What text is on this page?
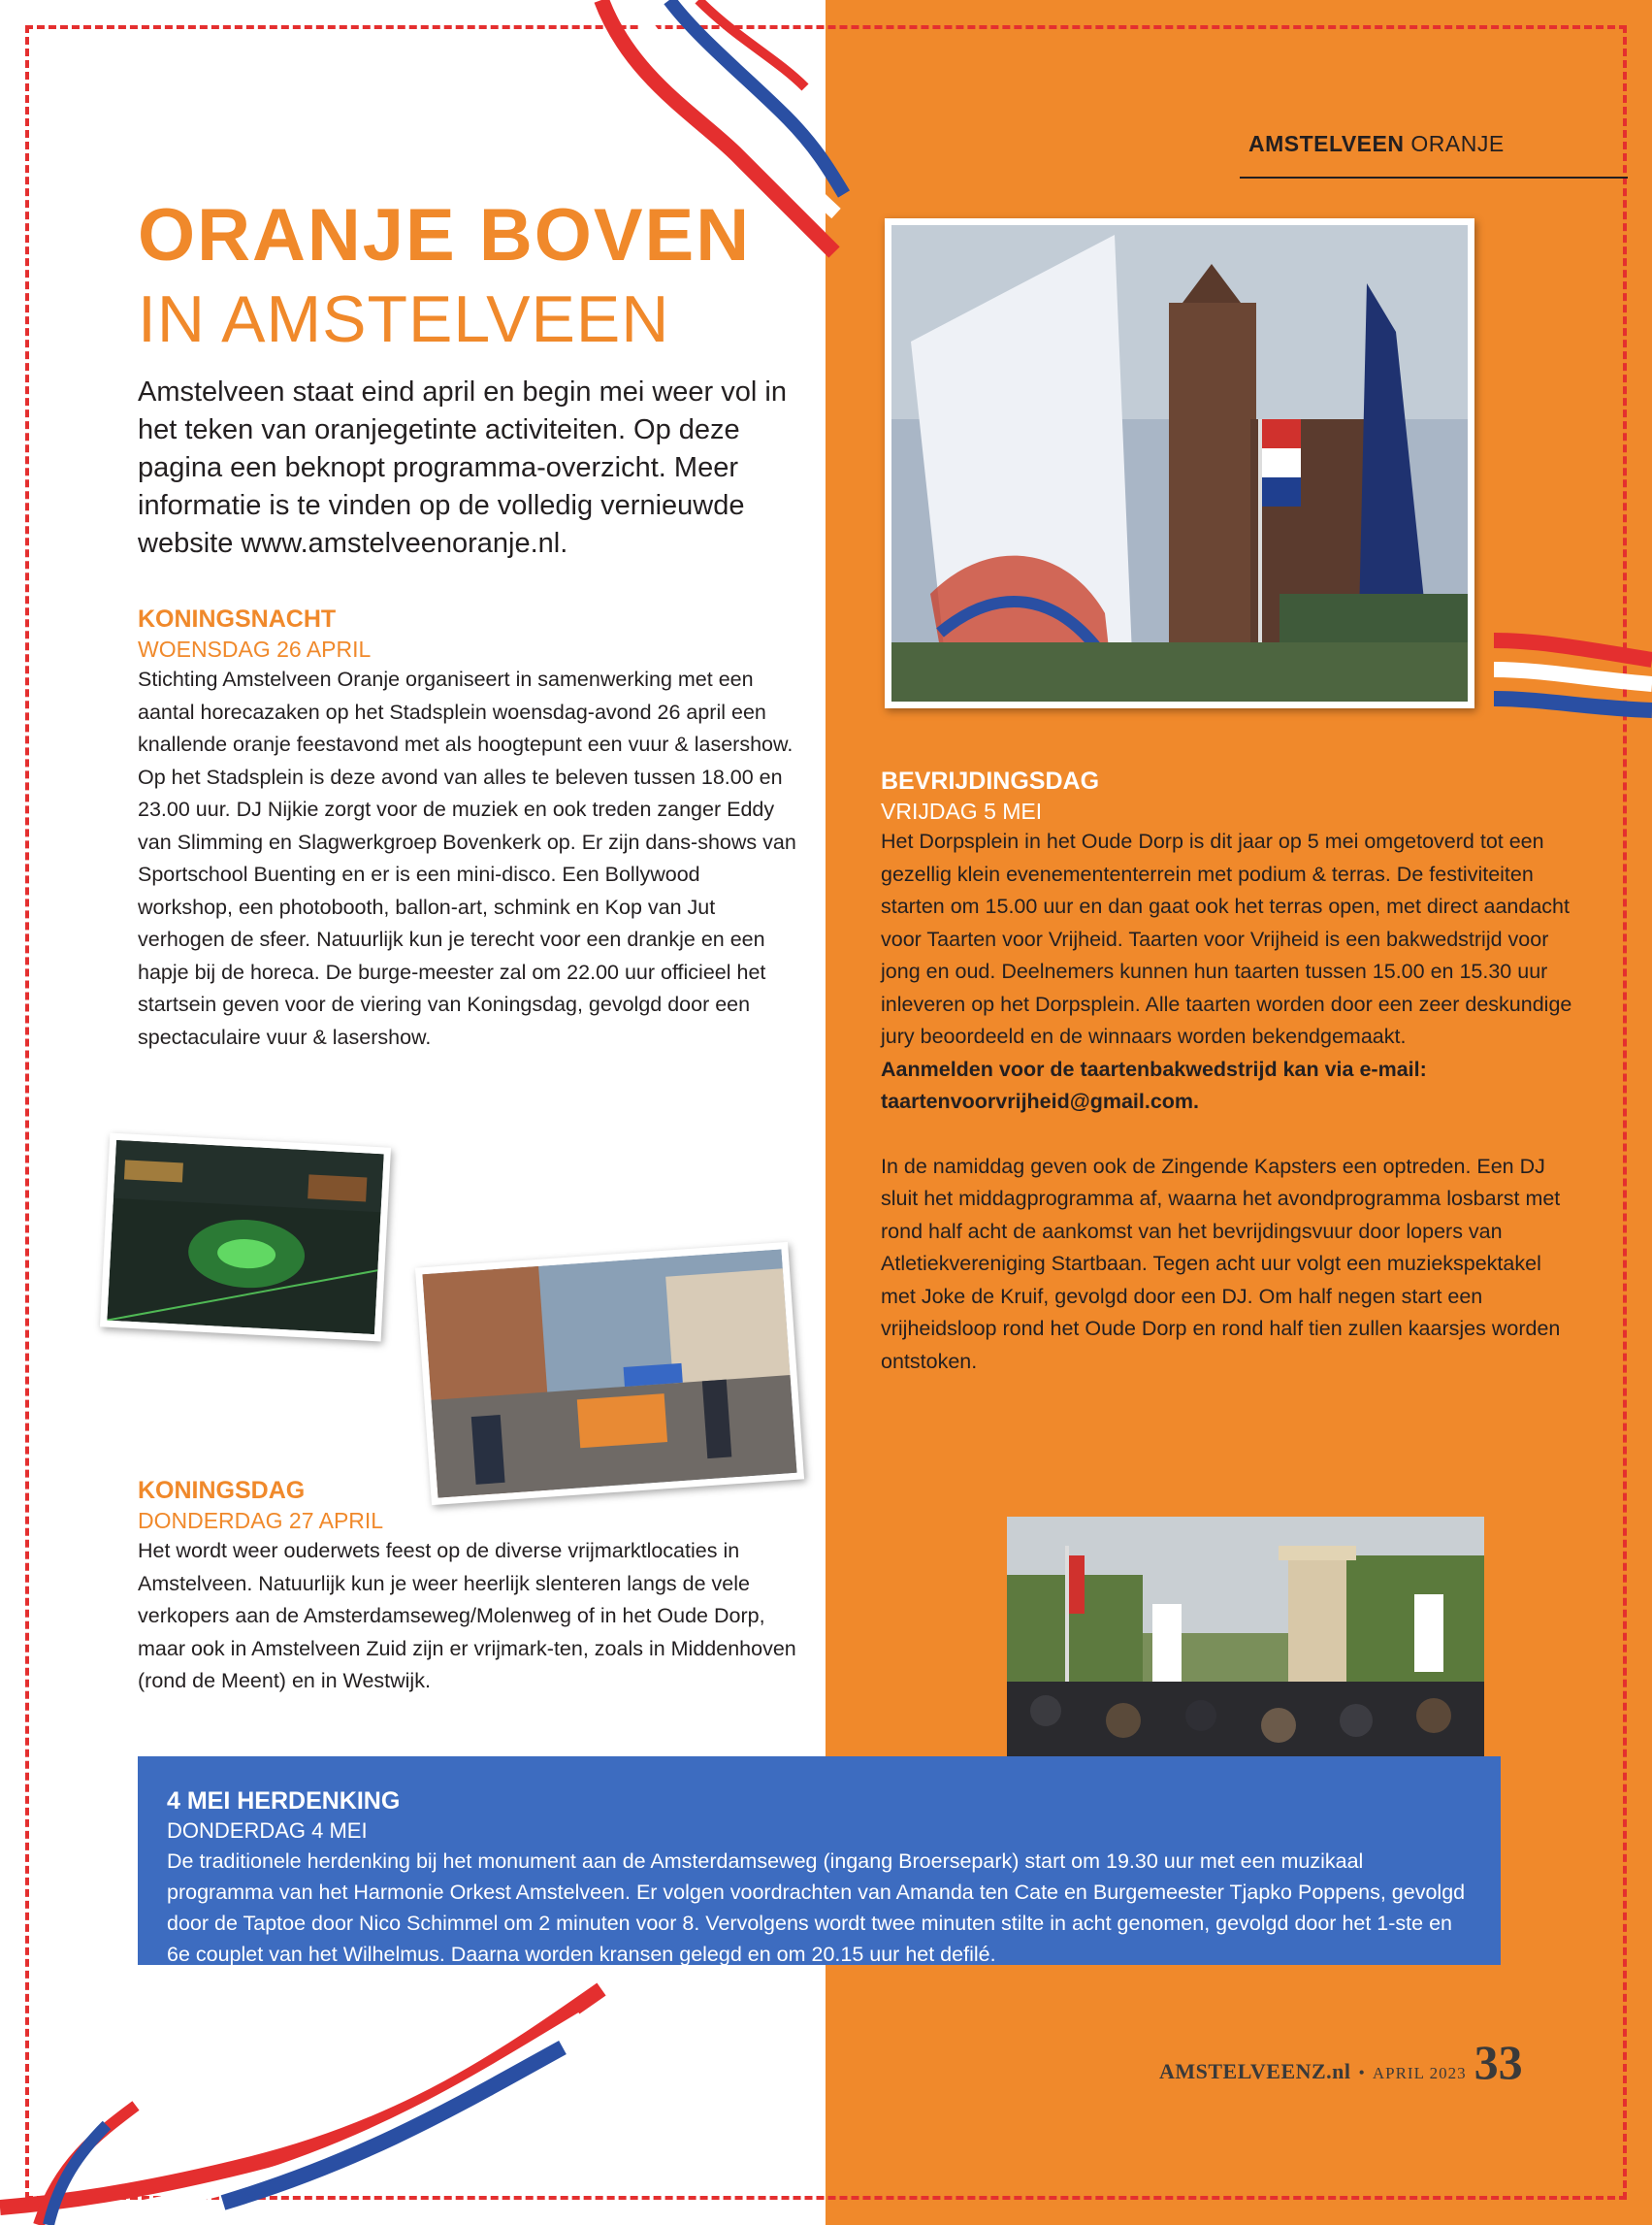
AMSTELVEEN ORANJE
ORANJE BOVEN
IN AMSTELVEEN

Amstelveen staat eind april en begin mei weer vol in het teken van oranjegetinte activiteiten. Op deze pagina een beknopt programma-overzicht. Meer informatie is te vinden op de volledig vernieuwde website www.amstelveenoranje.nl.

KONINGSNACHT
WOENSDAG 26 APRIL

Stichting Amstelveen Oranje organiseert in samenwerking met een aantal horecazaken op het Stadsplein woensdag-avond 26 april een knallende oranje feestavond met als hoogtepunt een vuur & lasershow. Op het Stadsplein is deze avond van alles te beleven tussen 18.00 en 23.00 uur. DJ Nijkie zorgt voor de muziek en ook treden zanger Eddy van Slimming en Slagwerkgroep Bovenkerk op. Er zijn dans-shows van Sportschool Buenting en er is een mini-disco. Een Bollywood workshop, een photobooth, ballon-art, schmink en Kop van Jut verhogen de sfeer. Natuurlijk kun je terecht voor een drankje en een hapje bij de horeca. De burge-meester zal om 22.00 uur officieel het startsein geven voor de viering van Koningsdag, gevolgd door een spectaculaire vuur & lasershow.

KONINGSDAG
DONDERDAG 27 APRIL

Het wordt weer ouderwets feest op de diverse vrijmarktlocaties in Amstelveen. Natuurlijk kun je weer heerlijk slenteren langs de vele verkopers aan de Amsterdamseweg/Molenweg of in het Oude Dorp, maar ook in Amstelveen Zuid zijn er vrijmark-ten, zoals in Middenhoven (rond de Meent) en in Westwijk.

BEVRIJDINGSDAG
VRIJDAG 5 MEI

Het Dorpsplein in het Oude Dorp is dit jaar op 5 mei omgetoverd tot een gezellig klein evenemententerrein met podium & terras. De festiviteiten starten om 15.00 uur en dan gaat ook het terras open, met direct aandacht voor Taarten voor Vrijheid. Taarten voor Vrijheid is een bakwedstrijd voor jong en oud. Deelnemers kunnen hun taarten tussen 15.00 en 15.30 uur inleveren op het Dorpsplein. Alle taarten worden door een zeer deskundige jury beoordeeld en de winnaars worden bekendgemaakt.
Aanmelden voor de taartenbakwedstrijd kan via e-mail: taartenvoorvrijheid@gmail.com.

In de namiddag geven ook de Zingende Kapsters een optreden. Een DJ sluit het middagprogramma af, waarna het avondprogramma losbarst met rond half acht de aankomst van het bevrijdingsvuur door lopers van Atletiekvereniging Startbaan. Tegen acht uur volgt een muziekspektakel met Joke de Kruif, gevolgd door een DJ. Om half negen start een vrijheidsloop rond het Oude Dorp en rond half tien zullen kaarsjes worden ontstoken.

4 MEI HERDENKING
DONDERDAG 4 MEI

De traditionele herdenking bij het monument aan de Amsterdamseweg (ingang Broersepark) start om 19.30 uur met een muzikaal programma van het Harmonie Orkest Amstelveen. Er volgen voordrachten van Amanda ten Cate en Burgemeester Tjapko Poppens, gevolgd door de Taptoe door Nico Schimmel om 2 minuten voor 8. Vervolgens wordt twee minuten stilte in acht genomen, gevolgd door het 1-ste en 6e couplet van het Wilhelmus. Daarna worden kransen gelegd en om 20.15 uur het defilé.

AMSTELVEENZ.nl • APRIL 2023 33
